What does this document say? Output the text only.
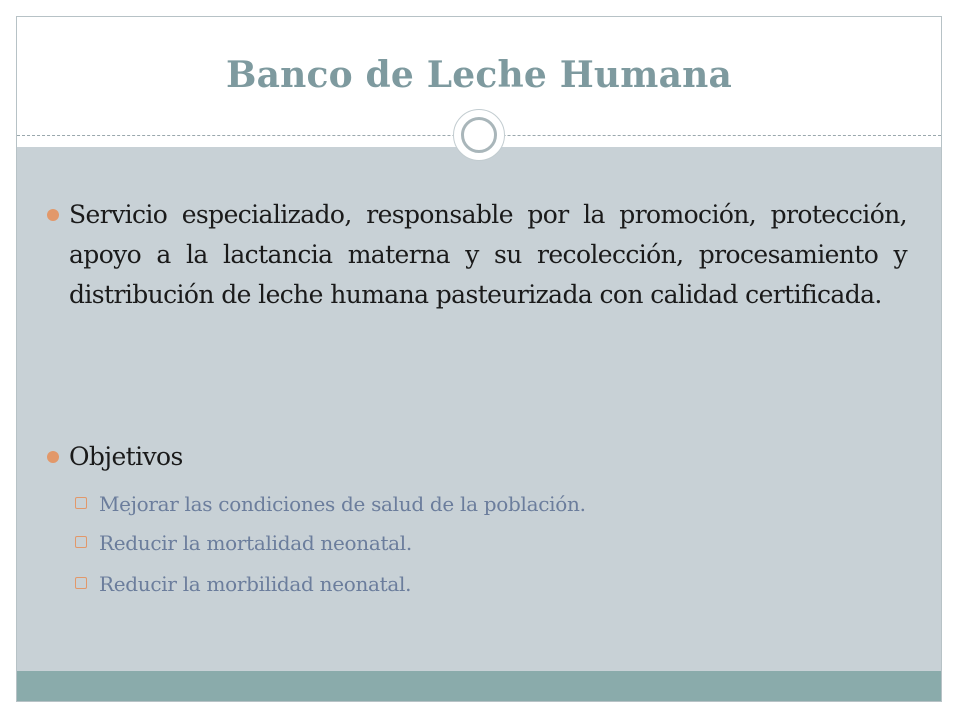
Banco de Leche Humana
Servicio especializado, responsable por la promoción, protección, apoyo a la lactancia materna y su recolección, procesamiento y distribución de leche humana pasteurizada con calidad certificada.
Objetivos
Mejorar las condiciones de salud de la población.
Reducir la mortalidad neonatal.
Reducir la morbilidad neonatal.
